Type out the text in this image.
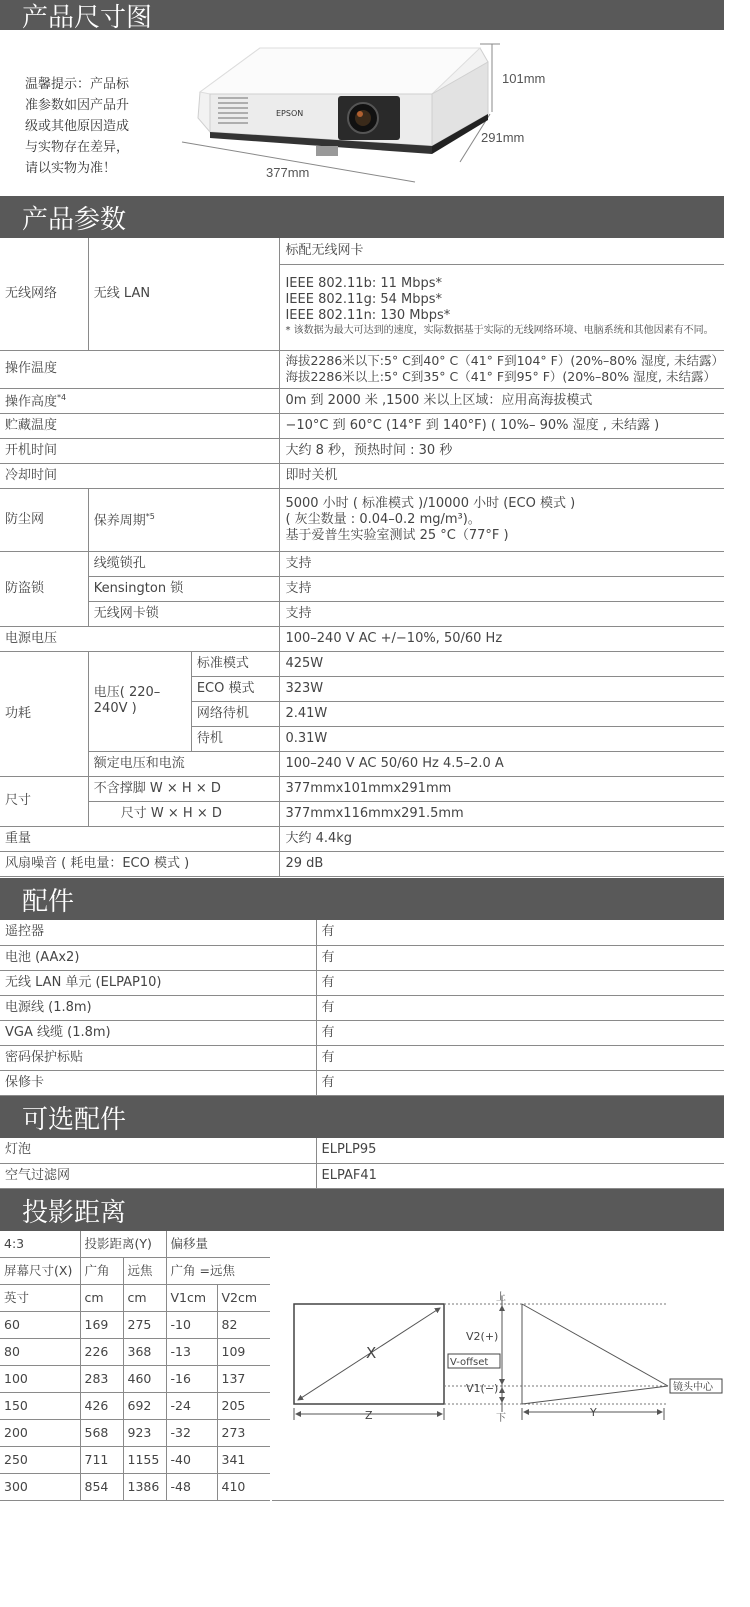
产品尺寸图
温馨提示：产品标准参数如因产品升级或其他原因造成与实物存在差异，请以实物为准！
EPSON
101mm
291mm
377mm
产品参数
无线网络	无线 LAN		标配无线网卡

			IEEE 802.11b: 11 Mbps*
IEEE 802.11g: 54 Mbps*
IEEE 802.11n: 130 Mbps*
* 该数据为最大可达到的速度，实际数据基于实际的无线网络环境、电脑系统和其他因素有不同。

操作温度			海拔2286米以下:5° C到40° C（41° F到104° F）(20%–80% 湿度, 未结露）
海拔2286米以上:5° C到35° C（41° F到95° F）(20%–80% 湿度, 未结露）

操作高度$^{*4}$			0m 到 2000 米 ,1500 米以上区域：应用高海拔模式
贮藏温度			−10°C 到 60°C (14°F 到 140°F) ( 10%– 90% 湿度 , 未结露 )
开机时间			大约 8 秒，预热时间 : 30 秒
冷却时间			即时关机
防尘网	保养周期$^{*5}$		5000 小时 ( 标准模式 )/10000 小时 (ECO 模式 )
( 灰尘数量 : 0.04–0.2 mg/m³)。
基于爱普生实验室测试 25 °C（77°F )

防盗锁	线缆锁孔		支持
	Kensington 锁		支持
	无线网卡锁		支持
电源电压			100–240 V AC +/−10%, 50/60 Hz
功耗	电压( 220–240V )	标准模式	425W
		ECO 模式	323W
		网络待机	2.41W
		待机	0.31W
	额定电压和电流		100–240 V AC 50/60 Hz 4.5–2.0 A
尺寸	不含撑脚 W × H × D		377mmx101mmx291mm
	尺寸 W × H × D		377mmx116mmx291.5mm
重量			大约 4.4kg
风扇噪音 ( 耗电量：ECO 模式 )			29 dB
配件
遥控器	有
电池 (AAx2)	有
无线 LAN 单元 (ELPAP10)	有
电源线 (1.8m)	有
VGA 线缆 (1.8m)	有
密码保护标贴	有
保修卡	有
可选配件
灯泡	ELPLP95
空气过滤网	ELPAF41
投影距离
4:3	投影距离(Y)		偏移量	
屏幕尺寸(X)	广角	远焦	广角 =远焦	
英寸	cm	cm	V1cm	V2cm
60	169	275	-10	82
80	226	368	-13	109
100	283	460	-16	137
150	426	692	-24	205
200	568	923	-32	273
250	711	1155	-40	341
300	854	1386	-48	410
X
Z
上
下
V2(+)
V1(−)
V-offset
Y
镜头中心
